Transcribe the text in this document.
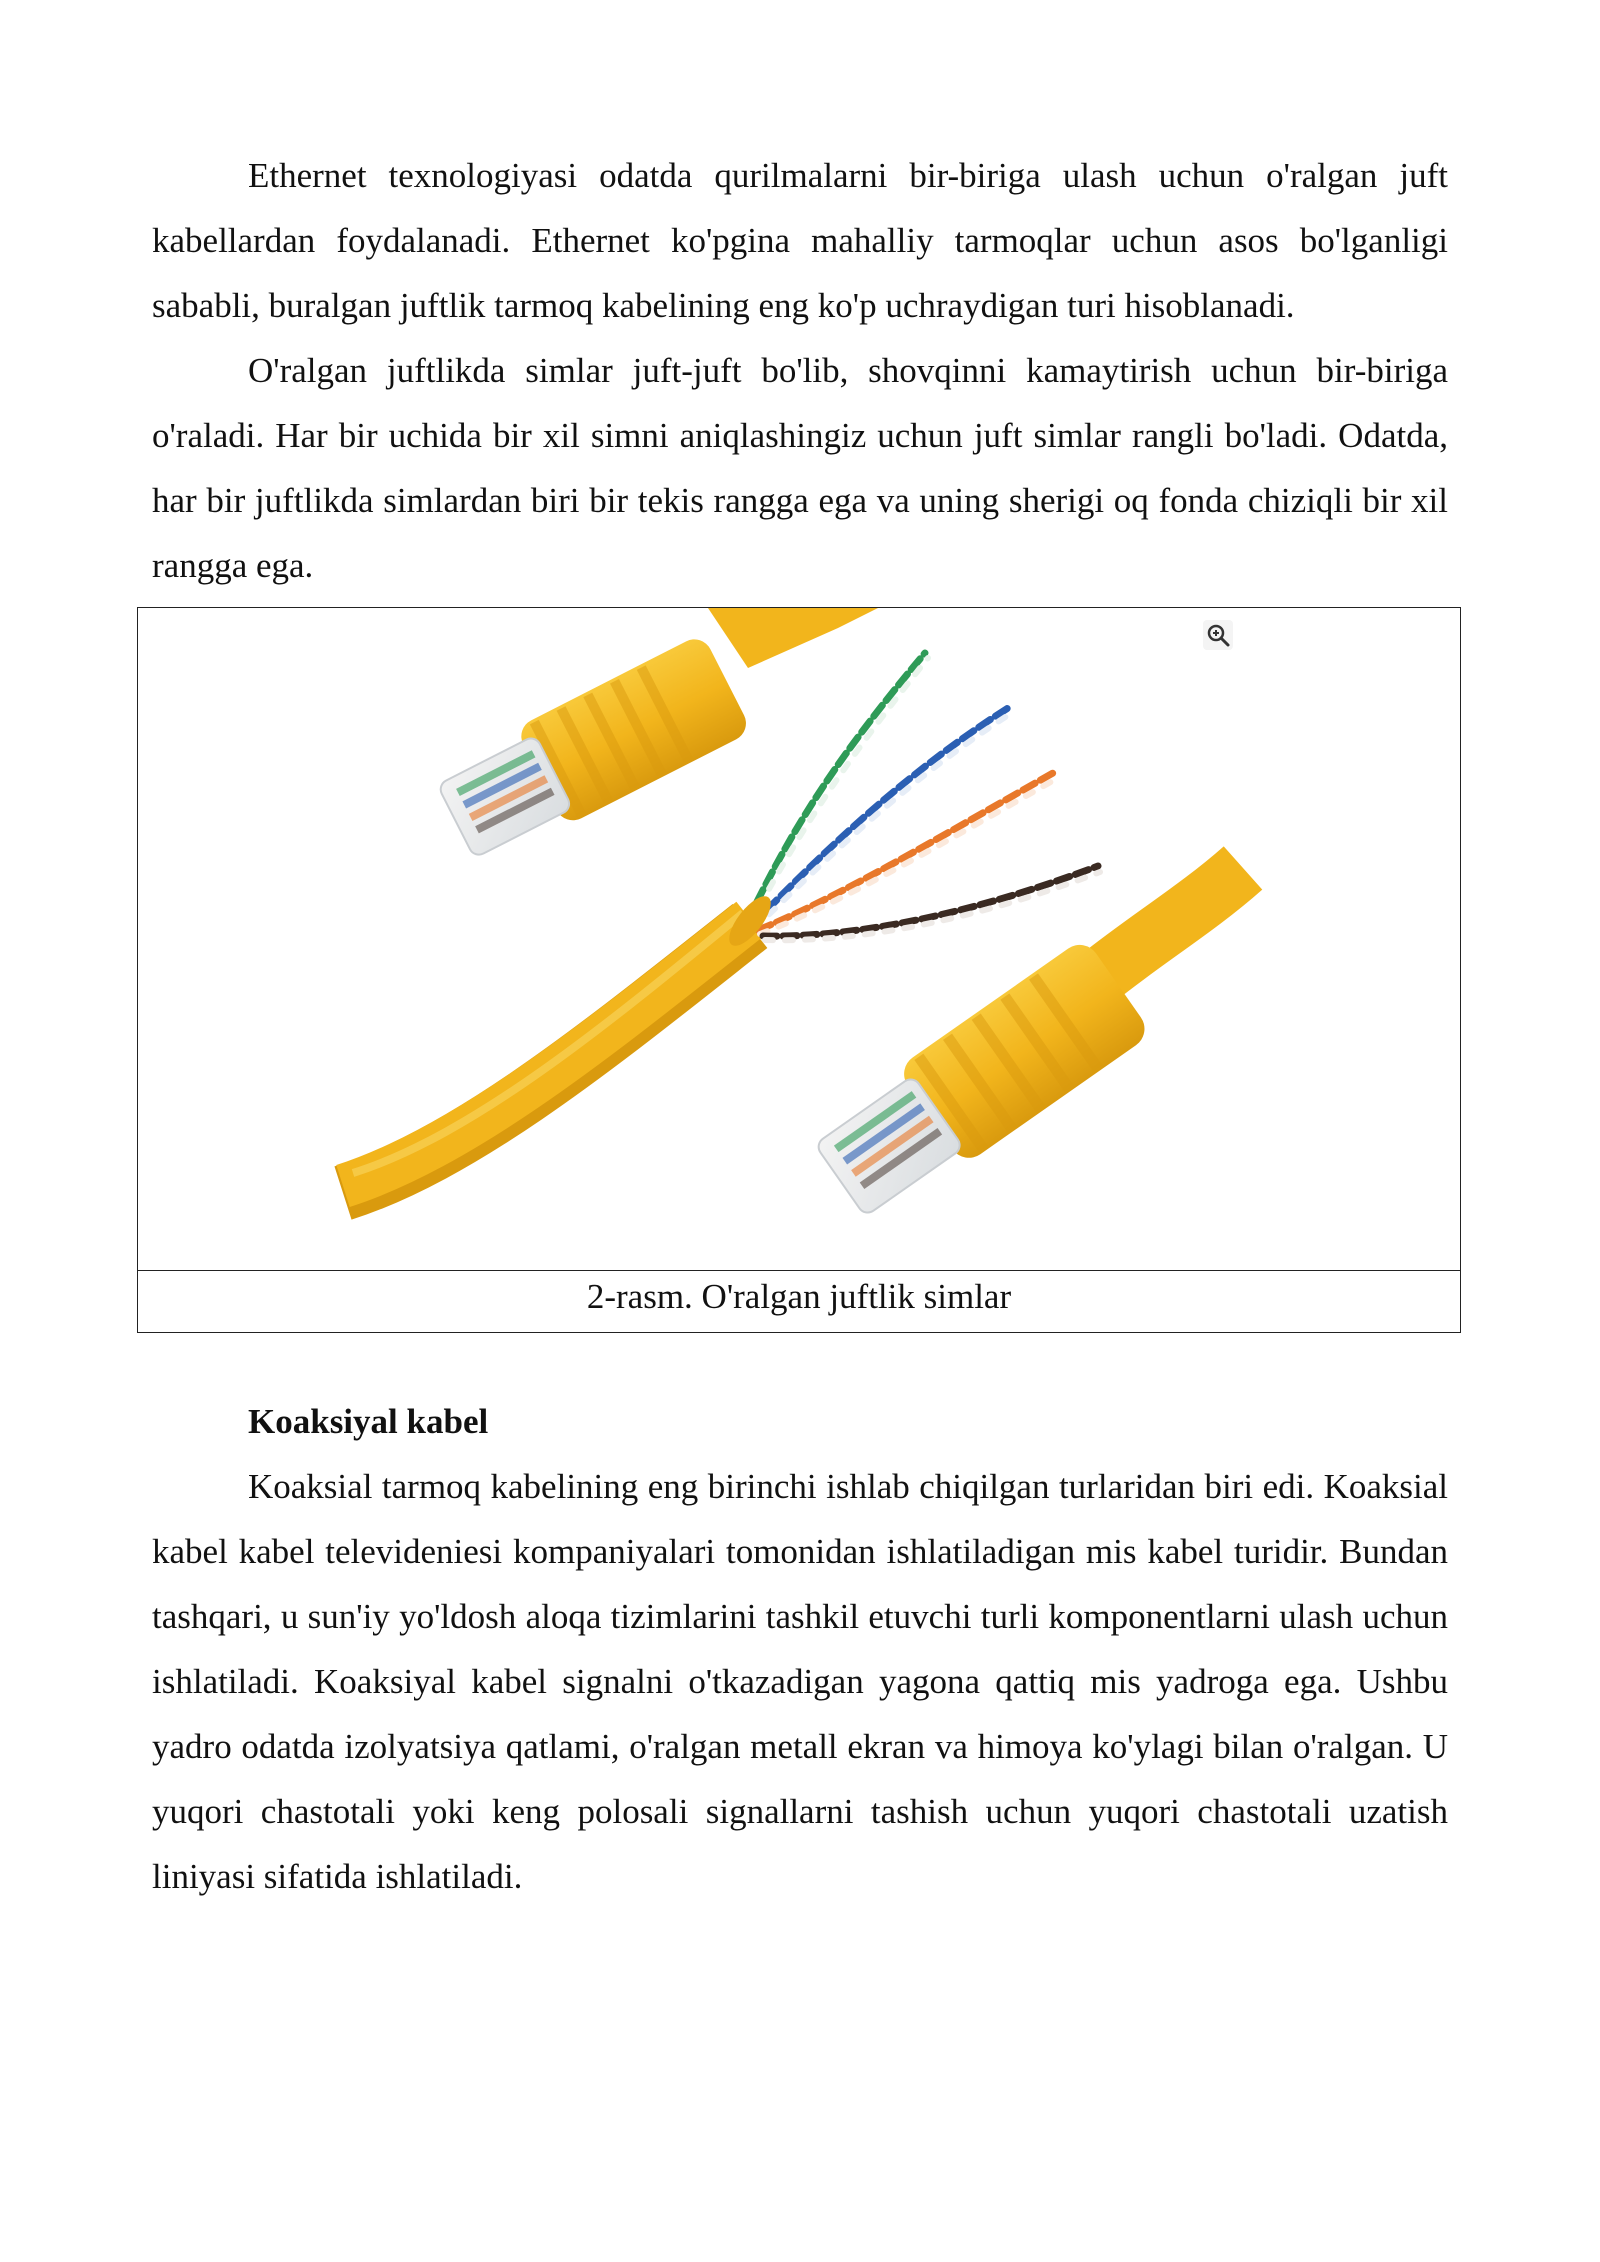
Ethernet texnologiyasi odatda qurilmalarni bir-biriga ulash uchun o'ralgan juft kabellardan foydalanadi. Ethernet ko'pgina mahalliy tarmoqlar uchun asos bo'lganligi sababli, buralgan juftlik tarmoq kabelining eng ko'p uchraydigan turi hisoblanadi.

O'ralgan juftlikda simlar juft-juft bo'lib, shovqinni kamaytirish uchun bir-biriga o'raladi. Har bir uchida bir xil simni aniqlashingiz uchun juft simlar rangli bo'ladi. Odatda, har bir juftlikda simlardan biri bir tekis rangga ega va uning sherigi oq fonda chiziqli bir xil rangga ega.

2-rasm. O'ralgan juftlik simlar
Koaksiyal kabel

Koaksial tarmoq kabelining eng birinchi ishlab chiqilgan turlaridan biri edi. Koaksial kabel kabel televideniesi kompaniyalari tomonidan ishlatiladigan mis kabel turidir. Bundan tashqari, u sun'iy yo'ldosh aloqa tizimlarini tashkil etuvchi turli komponentlarni ulash uchun ishlatiladi. Koaksiyal kabel signalni o'tkazadigan yagona qattiq mis yadroga ega. Ushbu yadro odatda izolyatsiya qatlami, o'ralgan metall ekran va himoya ko'ylagi bilan o'ralgan. U yuqori chastotali yoki keng polosali signallarni tashish uchun yuqori chastotali uzatish liniyasi sifatida ishlatiladi.
